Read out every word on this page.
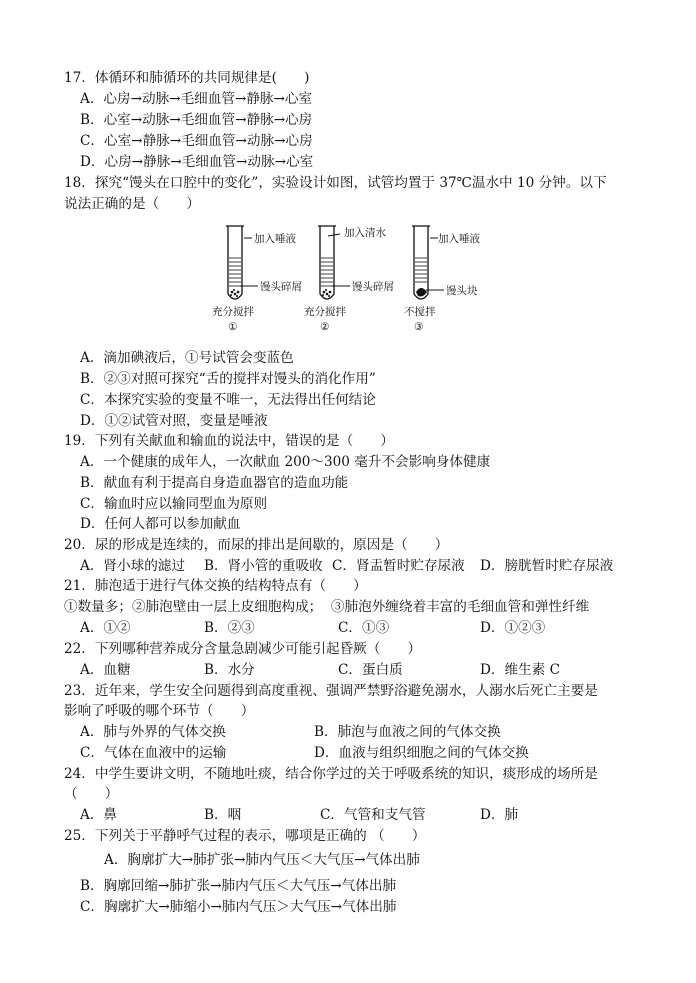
17．体循环和肺循环的共同规律是(　　)
A．心房→动脉→毛细血管→静脉→心室
B．心室→动脉→毛细血管→静脉→心房
C．心室→静脉→毛细血管→动脉→心房
D．心房→静脉→毛细血管→动脉→心室
18．探究“馒头在口腔中的变化”，实验设计如图，试管均置于 37℃温水中 10 分钟。以下
说法正确的是（　　）
加入唾液
馒头碎屑
充分搅拌
①
加入清水
馒头碎屑
充分搅拌
②
加入唾液
馒头块
不搅拌
③
A．滴加碘液后，①号试管会变蓝色
B．②③对照可探究“舌的搅拌对馒头的消化作用”
C．本探究实验的变量不唯一，无法得出任何结论
D．①②试管对照，变量是唾液
19．下列有关献血和输血的说法中，错误的是（　　）
A．一个健康的成年人，一次献血 200～300 毫升不会影响身体健康
B．献血有利于提高自身造血器官的造血功能
C．输血时应以输同型血为原则
D．任何人都可以参加献血
20．尿的形成是连续的，而尿的排出是间歇的，原因是（　　）
A．肾小球的滤过	B．肾小管的重吸收 C．肾盂暂时贮存尿液	D．膀胱暂时贮存尿液
21．肺泡适于进行气体交换的结构特点有（　　）
①数量多；②肺泡壁由一层上皮细胞构成；  ③肺泡外缠绕着丰富的毛细血管和弹性纤维
A．①②	B．②③	C．①③	D．①②③
22．下列哪种营养成分含量急剧减少可能引起昏厥（　　）
A．血糖	B．水分	C．蛋白质	D．维生素 C
23．近年来，学生安全问题得到高度重视、强调严禁野浴避免溺水，人溺水后死亡主要是
影响了呼吸的哪个环节（　　）
A．肺与外界的气体交换	B．肺泡与血液之间的气体交换
C．气体在血液中的运输	D．血液与组织细胞之间的气体交换
24．中学生要讲文明，不随地吐痰，结合你学过的关于呼吸系统的知识，痰形成的场所是
（　　）
A．鼻	B．咽	C．气管和支气管	D．肺
25．下列关于平静呼气过程的表示，哪项是正确的 （　　）
A．胸廓扩大→肺扩张→肺内气压＜大气压→气体出肺
B．胸廓回缩→肺扩张→肺内气压＜大气压→气体出肺
C．胸廓扩大→肺缩小→肺内气压＞大气压→气体出肺
